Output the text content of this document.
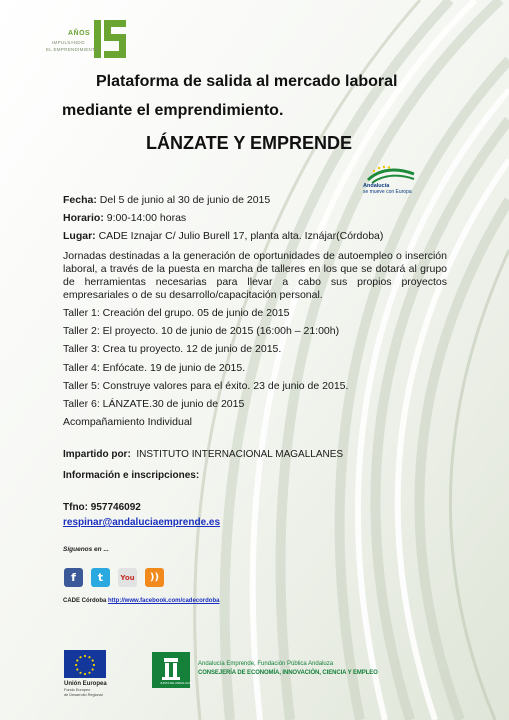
AÑOS
IMPULSANDO
EL EMPRENDIMIENTO
Plataforma de salida al mercado laboral
mediante el emprendimiento.
LÁNZATE Y EMPRENDE
Andalucía
se mueve con Europa
Fecha: Del 5 de junio al 30 de junio de 2015
Horario: 9:00-14:00 horas
Lugar: CADE Iznajar C/ Julio Burell 17, planta alta. Iznájar(Córdoba)
Jornadas destinadas a la generación de oportunidades de autoempleo o inserción laboral, a través de la puesta en marcha de talleres en los que se dotará al grupo de herramientas necesarias para llevar a cabo sus propios proyectos empresariales o de su desarrollo/capacitación personal.
Taller 1: Creación del grupo. 05 de junio de 2015
Taller 2: El proyecto. 10 de junio de 2015 (16:00h – 21:00h)
Taller 3: Crea tu proyecto. 12 de junio de 2015.
Taller 4: Enfócate. 19 de junio de 2015.
Taller 5: Construye valores para el éxito. 23 de junio de 2015.
Taller 6: LÁNZATE.30 de junio de 2015
Acompañamiento Individual
Impartido por: INSTITUTO INTERNACIONAL MAGALLANES
Información e inscripciones:
Tfno: 957746092
respinar@andaluciaemprende.es
Síguenos en ...
f	t	You	))
CADE Córdoba http://www.facebook.com/cadecordoba
Unión Europea
Fondo Europeo
de Desarrollo Regional
JUNTA DE ANDALUCIA
Andalucía Emprende, Fundación Pública Andaluza
CONSEJERÍA DE ECONOMÍA, INNOVACIÓN, CIENCIA Y EMPLEO
